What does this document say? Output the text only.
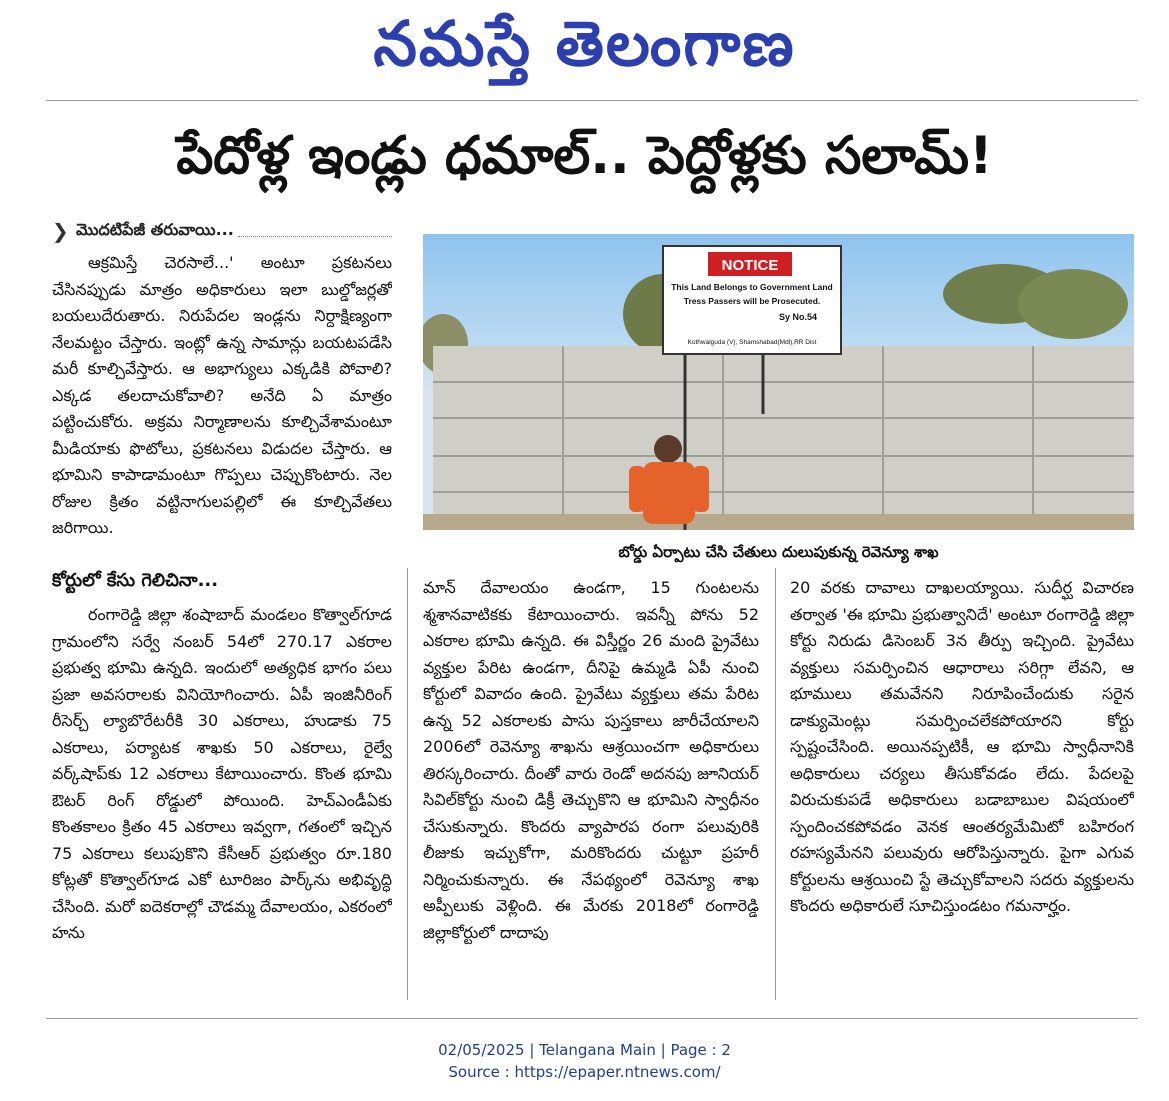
నమస్తే తెలంగాణ
పేదోళ్ల ఇండ్లు ధమాల్.. పెద్దోళ్లకు సలామ్!
❯ మొదటిపేజీ తరువాయి...

ఆక్రమిస్తే చెరసాలే...' అంటూ ప్రకటనలు చేసినప్పుడు మాత్రం అధికారులు ఇలా బుల్డోజర్లతో బయలుదేరుతారు. నిరుపేదల ఇండ్లను నిర్దాక్షిణ్యంగా నేలమట్టం చేస్తారు. ఇంట్లో ఉన్న సామాన్లు బయటపడేసి మరీ కూల్చివేస్తారు. ఆ అభాగ్యులు ఎక్కడికి పోవాలి? ఎక్కడ తలదాచుకోవాలి? అనేది ఏ మాత్రం పట్టించుకోరు. అక్రమ నిర్మాణాలను కూల్చివేశామంటూ మీడియాకు ఫొటోలు, ప్రకటనలు విడుదల చేస్తారు. ఆ భూమిని కాపాడామంటూ గొప్పలు చెప్పుకొంటారు. నెల రోజుల క్రితం వట్టినాగులపల్లిలో ఈ కూల్చివేతలు జరిగాయి.

కోర్టులో కేసు గెలిచినా...

రంగారెడ్డి జిల్లా శంషాబాద్ మండలం కొత్వాల్‌గూడ గ్రామంలోని సర్వే నంబర్ 54లో 270.17 ఎకరాల ప్రభుత్వ భూమి ఉన్నది. ఇందులో అత్యధిక భాగం పలు ప్రజా అవసరాలకు వినియోగించారు. ఏపీ ఇంజినీరింగ్ రీసెర్చ్ ల్యాబొరేటరీకి 30 ఎకరాలు, హుడాకు 75 ఎకరాలు, పర్యాటక శాఖకు 50 ఎకరాలు, రైల్వే వర్క్‌షాప్‌కు 12 ఎకరాలు కేటాయించారు. కొంత భూమి ఔటర్ రింగ్ రోడ్డులో పోయింది. హెచ్ఎండీఏకు కొంతకాలం క్రితం 45 ఎకరాలు ఇవ్వగా, గతంలో ఇచ్చిన 75 ఎకరాలు కలుపుకొని కేసీఆర్ ప్రభుత్వం రూ.180 కోట్లతో కొత్వాల్‌గూడ ఎకో టూరిజం పార్క్‌ను అభివృద్ధి చేసింది. మరో ఐదెకరాల్లో చౌడమ్మ దేవాలయం, ఎకరంలో హను

మాన్ దేవాలయం ఉండగా, 15 గుంటలను శ్మశానవాటికకు కేటాయించారు. ఇవన్నీ పోను 52 ఎకరాల భూమి ఉన్నది. ఈ విస్తీర్ణం 26 మంది ప్రైవేటు వ్యక్తుల పేరిట ఉండగా, దీనిపై ఉమ్మడి ఏపీ నుంచి కోర్టులో వివాదం ఉంది. ప్రైవేటు వ్యక్తులు తమ పేరిట ఉన్న 52 ఎకరాలకు పాసు పుస్తకాలు జారీచేయాలని 2006లో రెవెన్యూ శాఖను ఆశ్రయించగా అధికారులు తిరస్కరించారు. దీంతో వారు రెండో అదనపు జూనియర్ సివిల్‌కోర్టు నుంచి డిక్రీ తెచ్చుకొని ఆ భూమిని స్వాధీనం చేసుకున్నారు. కొందరు వ్యాపారప రంగా పలువురికి లీజుకు ఇచ్చుకోగా, మరికొందరు చుట్టూ ప్రహరీ నిర్మించుకున్నారు. ఈ నేపథ్యంలో రెవెన్యూ శాఖ అప్పీలుకు వెళ్లింది. ఈ మేరకు 2018లో రంగారెడ్డి జిల్లాకోర్టులో దాదాపు

20 వరకు దావాలు దాఖలయ్యాయి. సుదీర్ఘ విచారణ తర్వాత 'ఈ భూమి ప్రభుత్వానిదే' అంటూ రంగారెడ్డి జిల్లా కోర్టు నిరుడు డిసెంబర్ 3న తీర్పు ఇచ్చింది. ప్రైవేటు వ్యక్తులు సమర్పించిన ఆధారాలు సరిగ్గా లేవని, ఆ భూములు తమవేనని నిరూపించేందుకు సరైన డాక్యుమెంట్లు సమర్పించలేకపోయారని కోర్టు స్పష్టంచేసింది. అయినప్పటికీ, ఆ భూమి స్వాధీనానికి అధికారులు చర్యలు తీసుకోవడం లేదు. పేదలపై విరుచుకుపడే అధికారులు బడాబాబుల విషయంలో స్పందించకపోవడం వెనక ఆంతర్యమేమిటో బహిరంగ రహస్యమేనని పలువురు ఆరోపిస్తున్నారు. పైగా ఎగువ కోర్టులను ఆశ్రయించి స్టే తెచ్చుకోవాలని సదరు వ్యక్తులను కొందరు అధికారులే సూచిస్తుండటం గమనార్హం.

NOTICE
This Land Belongs to Government Land
Tress Passers will be Prosecuted.
Sy No.54
Kothwalguda (V), Shamshabad(Mdl),RR Dist
బోర్డు ఏర్పాటు చేసి చేతులు దులుపుకున్న రెవెన్యూ శాఖ
02/05/2025 | Telangana Main | Page : 2
Source : https://epaper.ntnews.com/
